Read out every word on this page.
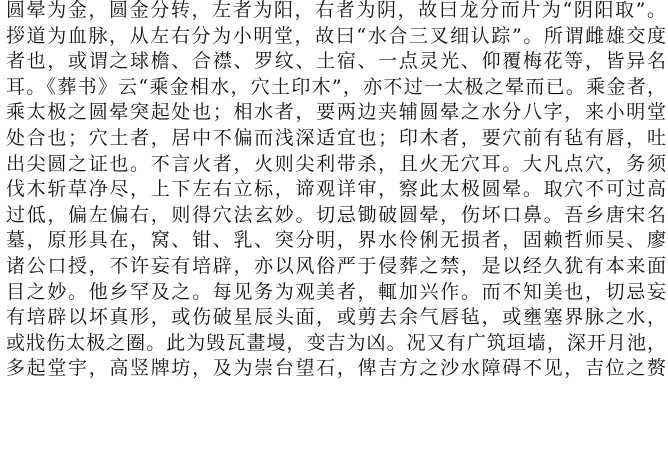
圆晕为金，圆金分转，左者为阳，右者为阴，故曰龙分而片为“阴阳取”。
拶道为血脉，从左右分为小明堂，故曰“水合三叉细认踪”。所谓雌雄交度
者也，或谓之球檐、合襟、罗纹、土宿、一点灵光、仰覆梅花等，皆异名
耳。《葬书》云“乘金相水，穴土印木”，亦不过一太极之晕而已。乘金者，
乘太极之圆晕突起处也；相水者，要两边夹辅圆晕之水分八字，来小明堂
处合也；穴土者，居中不偏而浅深适宜也；印木者，要穴前有毡有唇，吐
出尖圆之证也。不言火者，火则尖利带杀，且火无穴耳。大凡点穴，务须
伐木斩草净尽，上下左右立标，谛观详审，察此太极圆晕。取穴不可过高
过低，偏左偏右，则得穴法玄妙。切忌锄破圆晕，伤坏口鼻。吾乡唐宋名
墓，原形具在，窝、钳、乳、突分明，界水伶俐无损者，固赖哲师吴、廖
诸公口授，不许妄有培辟，亦以风俗严于侵葬之禁，是以经久犹有本来面
目之妙。他乡罕及之。每见务为观美者，輒加兴作。而不知美也，切忌妄
有培辟以坏真形，或伤破星辰头面，或剪去余气唇毡，或壅塞界脉之水，
或戕伤太极之圈。此为毁瓦畫墁，变吉为凶。况又有广筑垣墙，深开月池，
多起堂宇，高竖牌坊，及为崇台望石，俾吉方之沙水障碍不见，吉位之赘
